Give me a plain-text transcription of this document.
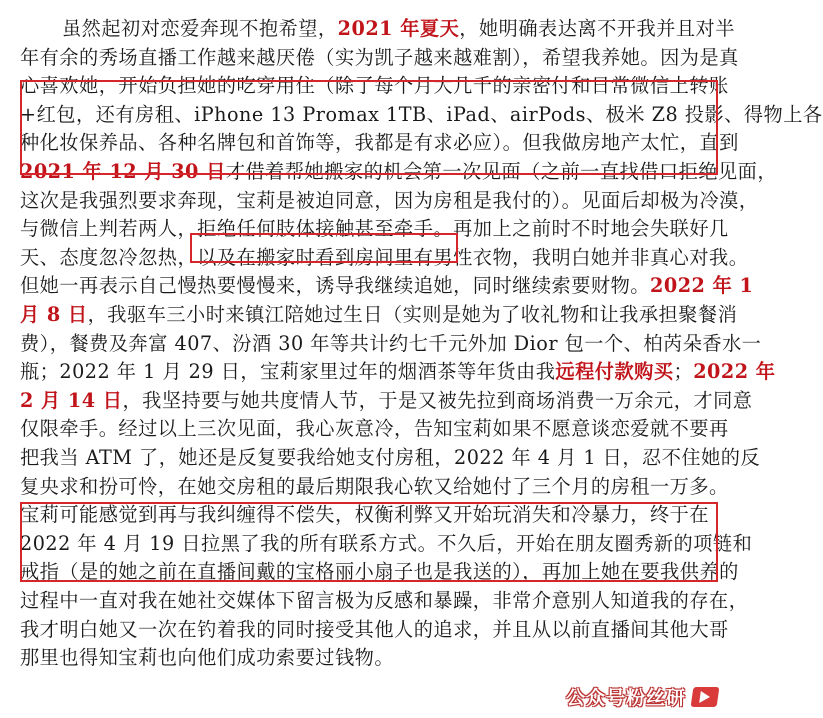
虽然起初对恋爱奔现不抱希望，2021 年夏天，她明确表达离不开我并且对半
年有余的秀场直播工作越来越厌倦（实为凯子越来越难割），希望我养她。因为是真
心喜欢她，开始负担她的吃穿用住（除了每个月大几千的亲密付和日常微信上转账
+红包，还有房租、iPhone 13 Promax 1TB、iPad、airPods、极米 Z8 投影、得物上各
种化妆保养品、各种名牌包和首饰等，我都是有求必应）。但我做房地产太忙，直到
2021 年 12 月 30 日才借着帮她搬家的机会第一次见面（之前一直找借口拒绝见面，
这次是我强烈要求奔现，宝莉是被迫同意，因为房租是我付的）。见面后却极为冷漠，
与微信上判若两人，拒绝任何肢体接触甚至牵手。再加上之前时不时地会失联好几
天、态度忽冷忽热，以及在搬家时看到房间里有男性衣物，我明白她并非真心对我。
但她一再表示自己慢热要慢慢来，诱导我继续追她，同时继续索要财物。2022 年 1
月 8 日，我驱车三小时来镇江陪她过生日（实则是她为了收礼物和让我承担聚餐消
费），餐费及奔富 407、汾酒 30 年等共计约七千元外加 Dior 包一个、柏芮朵香水一
瓶；2022 年 1 月 29 日，宝莉家里过年的烟酒茶等年货由我远程付款购买；2022 年
2 月 14 日，我坚持要与她共度情人节，于是又被先拉到商场消费一万余元，才同意
仅限牵手。经过以上三次见面，我心灰意冷，告知宝莉如果不愿意谈恋爱就不要再
把我当 ATM 了，她还是反复要我给她支付房租，2022 年 4 月 1 日，忍不住她的反
复央求和扮可怜，在她交房租的最后期限我心软又给她付了三个月的房租一万多。
宝莉可能感觉到再与我纠缠得不偿失，权衡利弊又开始玩消失和冷暴力，终于在
2022 年 4 月 19 日拉黑了我的所有联系方式。不久后，开始在朋友圈秀新的项链和
戒指（是的她之前在直播间戴的宝格丽小扇子也是我送的），再加上她在要我供养的
过程中一直对我在她社交媒体下留言极为反感和暴躁，非常介意别人知道我的存在，
我才明白她又一次在钓着我的同时接受其他人的追求，并且从以前直播间其他大哥
那里也得知宝莉也向他们成功索要过钱物。
公众号粉丝研
